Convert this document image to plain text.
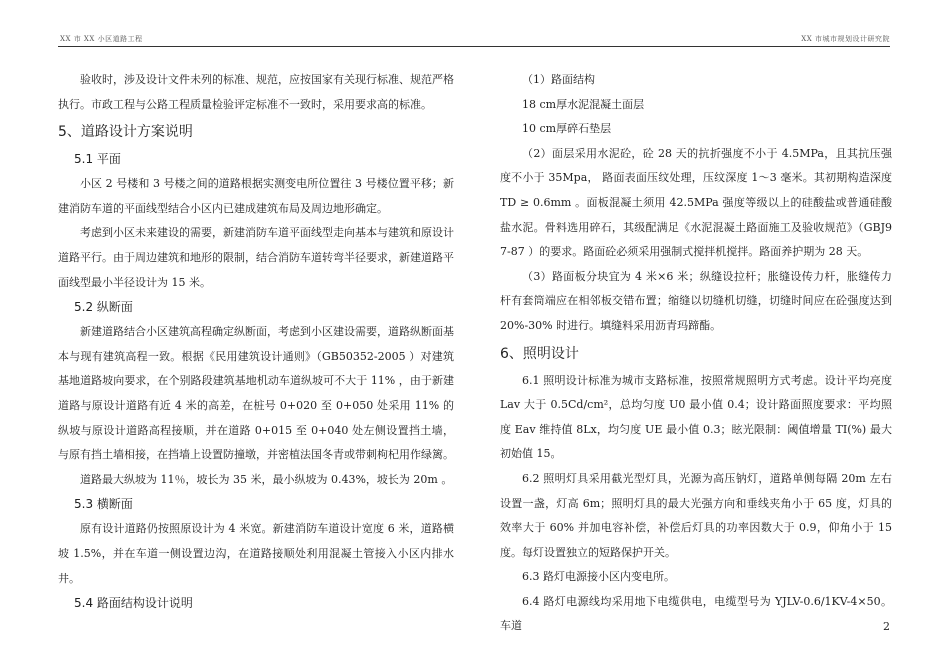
XX 市 XX 小区道路工程	XX 市城市规划设计研究院

验收时，涉及设计文件未列的标准、规范，应按国家有关现行标准、规范严格执行。市政工程与公路工程质量检验评定标准不一致时，采用要求高的标准。

5、道路设计方案说明
5.1 平面

小区 2 号楼和 3 号楼之间的道路根据实测变电所位置往 3 号楼位置平移；新建消防车道的平面线型结合小区内已建成建筑布局及周边地形确定。

考虑到小区未来建设的需要，新建消防车道平面线型走向基本与建筑和原设计道路平行。由于周边建筑和地形的限制，结合消防车道转弯半径要求，新建道路平面线型最小半径设计为 15 米。

5.2 纵断面

新建道路结合小区建筑高程确定纵断面，考虑到小区建设需要，道路纵断面基本与现有建筑高程一致。根据《民用建筑设计通则》（GB50352-2005 ）对建筑基地道路坡向要求，在个别路段建筑基地机动车道纵坡可不大于 11% ，由于新建道路与原设计道路有近 4 米的高差，在桩号 0+020 至 0+050 处采用 11% 的纵坡与原设计道路高程接顺，并在道路 0+015 至 0+040 处左侧设置挡土墙，与原有挡土墙相接，在挡墙上设置防撞墩，并密植法国冬青或带刺枸杞用作绿篱。

道路最大纵坡为 11％，坡长为 35 米，最小纵坡为 0.43%，坡长为 20m 。

5.3 横断面

原有设计道路仍按照原设计为 4 米宽。新建消防车道设计宽度 6 米，道路横坡 1.5%，并在车道一侧设置边沟，在道路接顺处利用混凝土管接入小区内排水井。

5.4 路面结构设计说明

（1）路面结构

18 cm厚水泥混凝土面层

10 cm厚碎石垫层

（2）面层采用水泥砼，砼 28 天的抗折强度不小于 4.5MPa，且其抗压强度不小于 35Mpa， 路面表面压纹处理，压纹深度 1～3 毫米。其初期构造深度 TD ≥ 0.6mm 。面板混凝土须用 42.5MPa 强度等级以上的硅酸盐或普通硅酸盐水泥。骨料选用碎石，其级配满足《水泥混凝土路面施工及验收规范》（GBJ97-87 ）的要求。路面砼必须采用强制式搅拌机搅拌。路面养护期为 28 天。

（3）路面板分块宜为 4 米×6 米；纵缝设拉杆；胀缝设传力杆，胀缝传力杆有套筒端应在相邻板交错布置；缩缝以切缝机切缝，切缝时间应在砼强度达到 20%-30% 时进行。填缝料采用沥青玛蹄酯。

6、照明设计

6.1 照明设计标准为城市支路标准，按照常规照明方式考虑。设计平均亮度 Lav 大于 0.5Cd/cm²，总均匀度 U0 最小值 0.4；设计路面照度要求：平均照度 Eav 维持值 8Lx，均匀度 UE 最小值 0.3；眩光限制：阈值增量 TI(%) 最大初始值 15。

6.2 照明灯具采用截光型灯具，光源为高压钠灯，道路单侧每隔 20m 左右设置一盏，灯高 6m；照明灯具的最大光强方向和垂线夹角小于 65 度，灯具的效率大于 60% 并加电容补偿，补偿后灯具的功率因数大于 0.9，仰角小于 15 度。每灯设置独立的短路保护开关。

6.3 路灯电源接小区内变电所。

6.4 路灯电源线均采用地下电缆供电，电缆型号为 YJLV-0.6/1KV-4×50。车道	2
